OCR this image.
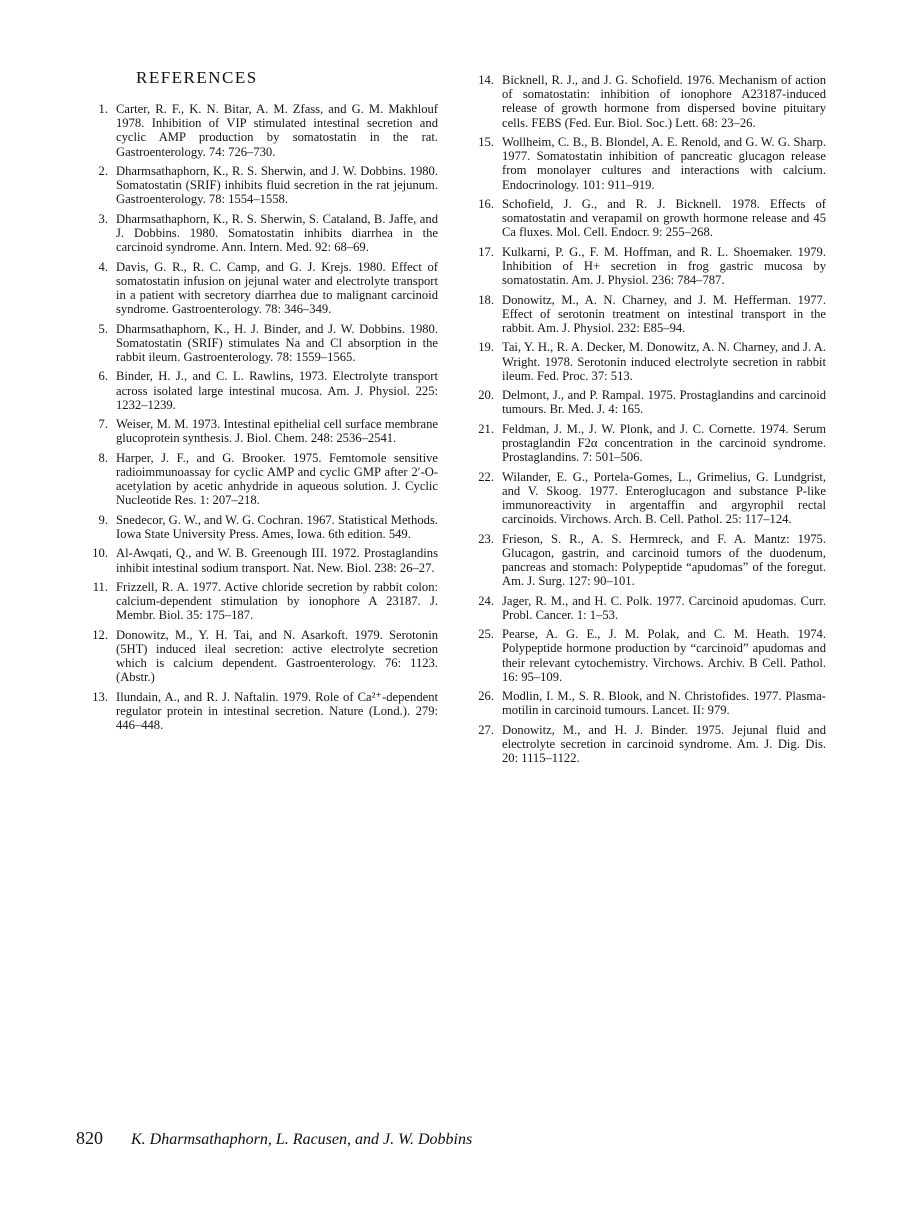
REFERENCES
1. Carter, R. F., K. N. Bitar, A. M. Zfass, and G. M. Makhlouf 1978. Inhibition of VIP stimulated intestinal secretion and cyclic AMP production by somatostatin in the rat. Gastroenterology. 74: 726–730.
2. Dharmsathaphorn, K., R. S. Sherwin, and J. W. Dobbins. 1980. Somatostatin (SRIF) inhibits fluid secretion in the rat jejunum. Gastroenterology. 78: 1554–1558.
3. Dharmsathaphorn, K., R. S. Sherwin, S. Cataland, B. Jaffe, and J. Dobbins. 1980. Somatostatin inhibits diarrhea in the carcinoid syndrome. Ann. Intern. Med. 92: 68–69.
4. Davis, G. R., R. C. Camp, and G. J. Krejs. 1980. Effect of somatostatin infusion on jejunal water and electrolyte transport in a patient with secretory diarrhea due to malignant carcinoid syndrome. Gastroenterology. 78: 346–349.
5. Dharmsathaphorn, K., H. J. Binder, and J. W. Dobbins. 1980. Somatostatin (SRIF) stimulates Na and Cl absorption in the rabbit ileum. Gastroenterology. 78: 1559–1565.
6. Binder, H. J., and C. L. Rawlins, 1973. Electrolyte transport across isolated large intestinal mucosa. Am. J. Physiol. 225: 1232–1239.
7. Weiser, M. M. 1973. Intestinal epithelial cell surface membrane glucoprotein synthesis. J. Biol. Chem. 248: 2536–2541.
8. Harper, J. F., and G. Brooker. 1975. Femtomole sensitive radioimmunoassay for cyclic AMP and cyclic GMP after 2′-O-acetylation by acetic anhydride in aqueous solution. J. Cyclic Nucleotide Res. 1: 207–218.
9. Snedecor, G. W., and W. G. Cochran. 1967. Statistical Methods. Iowa State University Press. Ames, Iowa. 6th edition. 549.
10. Al-Awqati, Q., and W. B. Greenough III. 1972. Prostaglandins inhibit intestinal sodium transport. Nat. New. Biol. 238: 26–27.
11. Frizzell, R. A. 1977. Active chloride secretion by rabbit colon: calcium-dependent stimulation by ionophore A 23187. J. Membr. Biol. 35: 175–187.
12. Donowitz, M., Y. H. Tai, and N. Asarkoft. 1979. Serotonin (5HT) induced ileal secretion: active electrolyte secretion which is calcium dependent. Gastroenterology. 76: 1123. (Abstr.)
13. Ilundain, A., and R. J. Naftalin. 1979. Role of Ca²⁺-dependent regulator protein in intestinal secretion. Nature (Lond.). 279: 446–448.
14. Bicknell, R. J., and J. G. Schofield. 1976. Mechanism of action of somatostatin: inhibition of ionophore A23187-induced release of growth hormone from dispersed bovine pituitary cells. FEBS (Fed. Eur. Biol. Soc.) Lett. 68: 23–26.
15. Wollheim, C. B., B. Blondel, A. E. Renold, and G. W. G. Sharp. 1977. Somatostatin inhibition of pancreatic glucagon release from monolayer cultures and interactions with calcium. Endocrinology. 101: 911–919.
16. Schofield, J. G., and R. J. Bicknell. 1978. Effects of somatostatin and verapamil on growth hormone release and 45 Ca fluxes. Mol. Cell. Endocr. 9: 255–268.
17. Kulkarni, P. G., F. M. Hoffman, and R. L. Shoemaker. 1979. Inhibition of H+ secretion in frog gastric mucosa by somatostatin. Am. J. Physiol. 236: 784–787.
18. Donowitz, M., A. N. Charney, and J. M. Hefferman. 1977. Effect of serotonin treatment on intestinal transport in the rabbit. Am. J. Physiol. 232: E85–94.
19. Tai, Y. H., R. A. Decker, M. Donowitz, A. N. Charney, and J. A. Wright. 1978. Serotonin induced electrolyte secretion in rabbit ileum. Fed. Proc. 37: 513.
20. Delmont, J., and P. Rampal. 1975. Prostaglandins and carcinoid tumours. Br. Med. J. 4: 165.
21. Feldman, J. M., J. W. Plonk, and J. C. Cornette. 1974. Serum prostaglandin F2α concentration in the carcinoid syndrome. Prostaglandins. 7: 501–506.
22. Wilander, E. G., Portela-Gomes, L., Grimelius, G. Lundgrist, and V. Skoog. 1977. Enteroglucagon and substance P-like immunoreactivity in argentaffin and argyrophil rectal carcinoids. Virchows. Arch. B. Cell. Pathol. 25: 117–124.
23. Frieson, S. R., A. S. Hermreck, and F. A. Mantz: 1975. Glucagon, gastrin, and carcinoid tumors of the duodenum, pancreas and stomach: Polypeptide “apudomas” of the foregut. Am. J. Surg. 127: 90–101.
24. Jager, R. M., and H. C. Polk. 1977. Carcinoid apudomas. Curr. Probl. Cancer. 1: 1–53.
25. Pearse, A. G. E., J. M. Polak, and C. M. Heath. 1974. Polypeptide hormone production by “carcinoid” apudomas and their relevant cytochemistry. Virchows. Archiv. B Cell. Pathol. 16: 95–109.
26. Modlin, I. M., S. R. Blook, and N. Christofides. 1977. Plasma-motilin in carcinoid tumours. Lancet. II: 979.
27. Donowitz, M., and H. J. Binder. 1975. Jejunal fluid and electrolyte secretion in carcinoid syndrome. Am. J. Dig. Dis. 20: 1115–1122.
820 K. Dharmsathaphorn, L. Racusen, and J. W. Dobbins
